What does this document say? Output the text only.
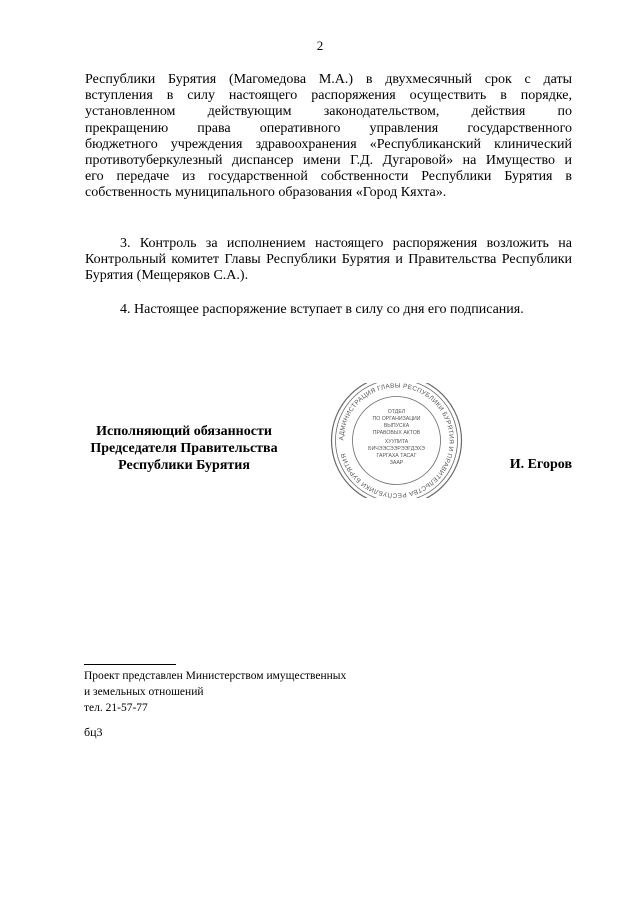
2
Республики Бурятия (Магомедова М.А.) в двухмесячный срок с даты
вступления в силу настоящего распоряжения осуществить в порядке,
установленном действующим законодательством, действия по
прекращению права оперативного управления государственного
бюджетного учреждения здравоохранения «Республиканский клинический
противотуберкулезный диспансер имени Г.Д. Дугаровой» на Имущество и
его передаче из государственной собственности Республики Бурятия в
собственность муниципального образования «Город Кяхта».
3. Контроль за исполнением настоящего распоряжения возложить на Контрольный комитет Главы Республики Бурятия и Правительства Республики Бурятия (Мещеряков С.А.).
4. Настоящее распоряжение вступает в силу со дня его подписания.
Исполняющий обязанности
Председателя Правительства
Республики Бурятия
АДМИНИСТРАЦИЯ ГЛАВЫ РЕСПУБЛИКИ БУРЯТИЯ И ПРАВИТЕЛЬСТВА РЕСПУБЛИКИ БУРЯТИЯ
ОТДЕЛ
ПО ОРГАНИЗАЦИИ
ВЫПУСКА
ПРАВОВЫХ АКТОВ
ХУУЛИТА
БИЧЭЭСЭЭРЭЭГДЭХЭ
ГАРГАХА ТАСАГ
ЗААР	И. Егоров
Проект представлен Министерством имущественных
и земельных отношений
тел. 21-57-77
бц3
